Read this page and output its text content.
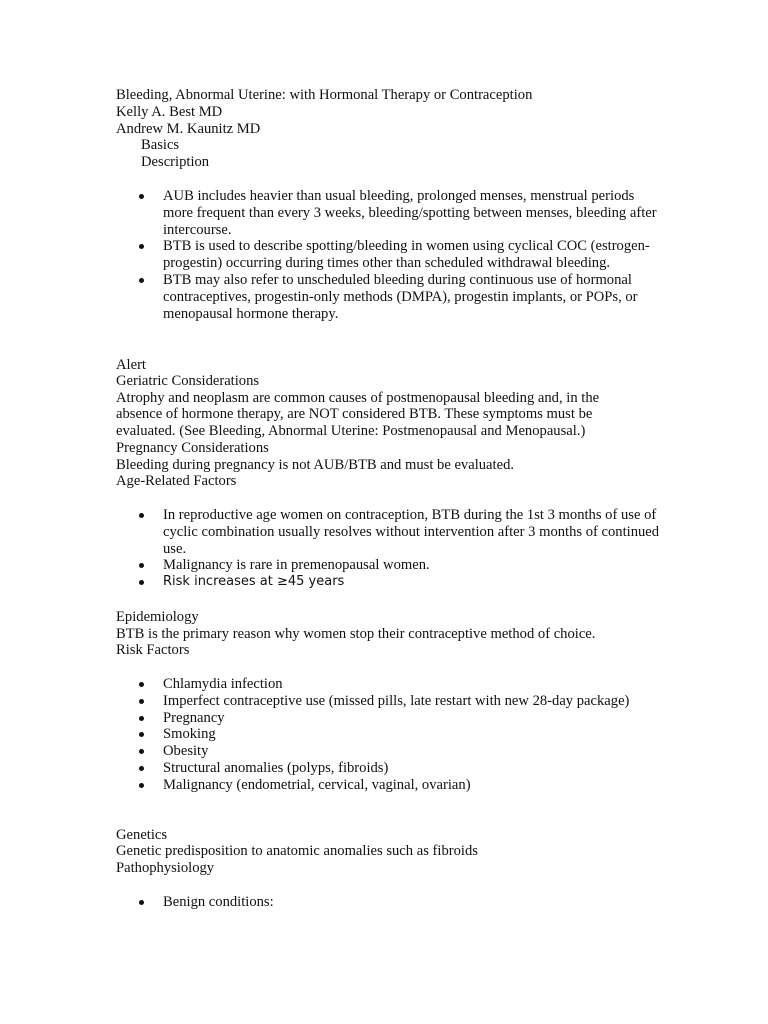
Bleeding, Abnormal Uterine: with Hormonal Therapy or Contraception
Kelly A. Best MD
Andrew M. Kaunitz MD
Basics
Description
AUB includes heavier than usual bleeding, prolonged menses, menstrual periods more frequent than every 3 weeks, bleeding/spotting between menses, bleeding after intercourse.
BTB is used to describe spotting/bleeding in women using cyclical COC (estrogen-progestin) occurring during times other than scheduled withdrawal bleeding.
BTB may also refer to unscheduled bleeding during continuous use of hormonal contraceptives, progestin-only methods (DMPA), progestin implants, or POPs, or menopausal hormone therapy.
Alert
Geriatric Considerations
Atrophy and neoplasm are common causes of postmenopausal bleeding and, in the
absence of hormone therapy, are NOT considered BTB. These symptoms must be
evaluated. (See Bleeding, Abnormal Uterine: Postmenopausal and Menopausal.)
Pregnancy Considerations
Bleeding during pregnancy is not AUB/BTB and must be evaluated.
Age-Related Factors
In reproductive age women on contraception, BTB during the 1st 3 months of use of cyclic combination usually resolves without intervention after 3 months of continued use.
Malignancy is rare in premenopausal women.
Risk increases at ≥45 years
Epidemiology
BTB is the primary reason why women stop their contraceptive method of choice.
Risk Factors
Chlamydia infection
Imperfect contraceptive use (missed pills, late restart with new 28-day package)
Pregnancy
Smoking
Obesity
Structural anomalies (polyps, fibroids)
Malignancy (endometrial, cervical, vaginal, ovarian)
Genetics
Genetic predisposition to anatomic anomalies such as fibroids
Pathophysiology
Benign conditions:
